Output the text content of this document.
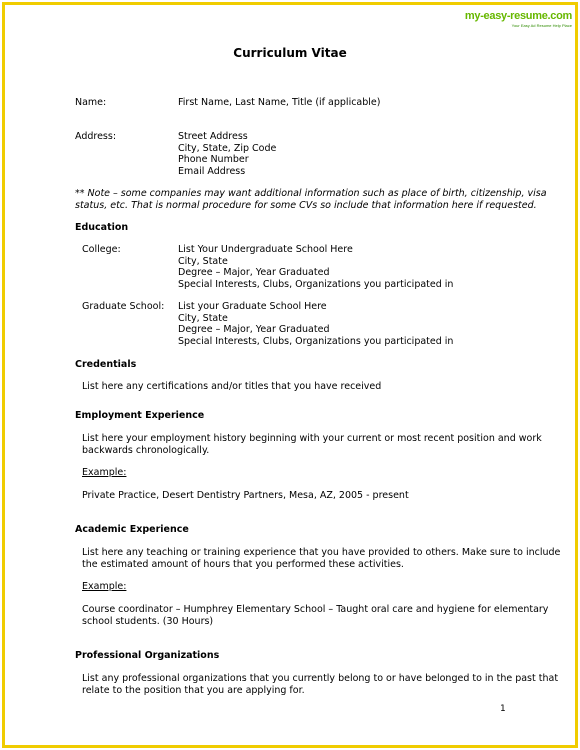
my-easy-resume.com
Your Easy Ad Resume Help Place
Curriculum Vitae
Name:	First Name, Last Name, Title (if applicable)
Address:	Street Address
City, State, Zip Code
Phone Number
Email Address
** Note – some companies may want additional information such as place of birth, citizenship, visa
status, etc. That is normal procedure for some CVs so include that information here if requested.
Education
College:	List Your Undergraduate School Here
City, State
Degree – Major, Year Graduated
Special Interests, Clubs, Organizations you participated in
Graduate School: List your Graduate School Here
City, State
Degree – Major, Year Graduated
Special Interests, Clubs, Organizations you participated in
Credentials
List here any certifications and/or titles that you have received
Employment Experience
List here your employment history beginning with your current or most recent position and work
backwards chronologically.
Example:
Private Practice, Desert Dentistry Partners, Mesa, AZ, 2005 - present
Academic Experience
List here any teaching or training experience that you have provided to others. Make sure to include
the estimated amount of hours that you performed these activities.
Example:
Course coordinator – Humphrey Elementary School – Taught oral care and hygiene for elementary
school students. (30 Hours)
Professional Organizations
List any professional organizations that you currently belong to or have belonged to in the past that
relate to the position that you are applying for.
1
